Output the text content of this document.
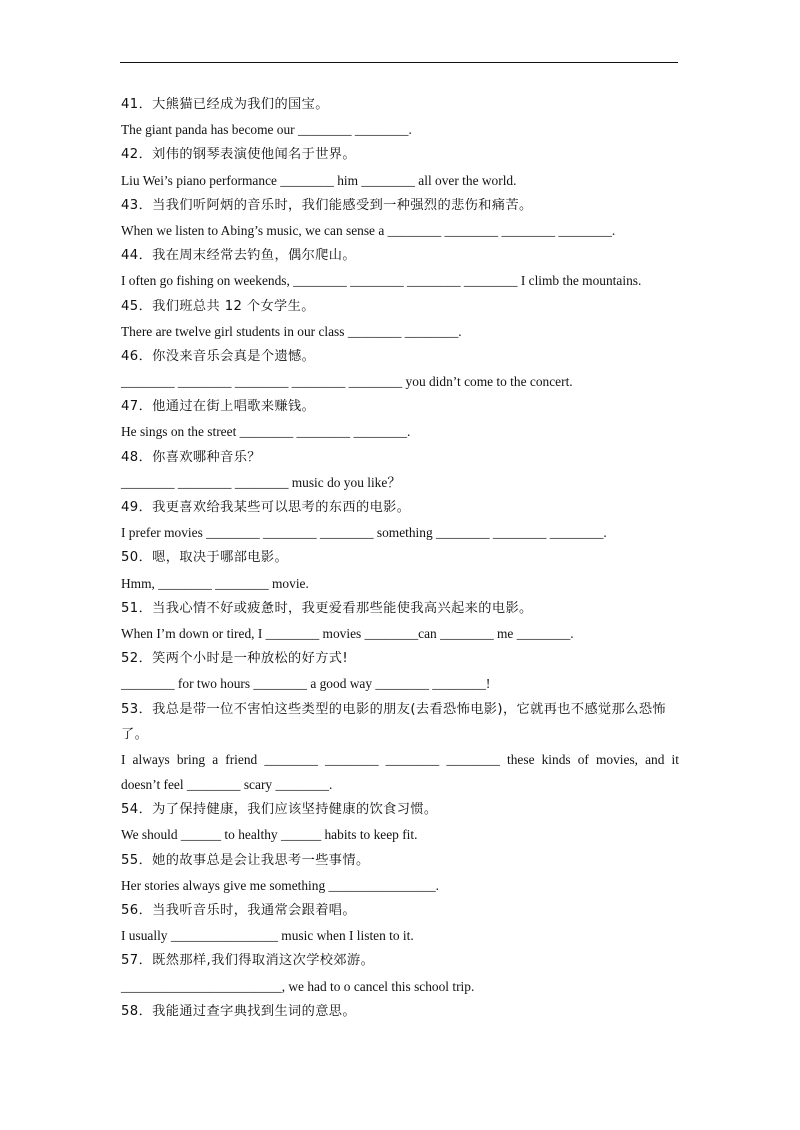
41．大熊猫已经成为我们的国宝。
The giant panda has become our ________ ________.
42．刘伟的钢琴表演使他闻名于世界。
Liu Wei’s piano performance ________ him ________ all over the world.
43．当我们听阿炳的音乐时，我们能感受到一种强烈的悲伤和痛苦。
When we listen to Abing’s music, we can sense a ________ ________ ________ ________.
44．我在周末经常去钓鱼，偶尔爬山。
I often go fishing on weekends, ________ ________ ________ ________ I climb the mountains.
45．我们班总共 12 个女学生。
There are twelve girl students in our class ________ ________.
46．你没来音乐会真是个遗憾。
________ ________ ________ ________ ________ you didn’t come to the concert.
47．他通过在街上唱歌来赚钱。
He sings on the street ________ ________ ________.
48．你喜欢哪种音乐？
________ ________ ________ music do you like？
49．我更喜欢给我某些可以思考的东西的电影。
I prefer movies ________ ________ ________ something ________ ________ ________.
50．嗯，取决于哪部电影。
Hmm, ________ ________ movie.
51．当我心情不好或疲惫时，我更爱看那些能使我高兴起来的电影。
When I’m down or tired, I ________ movies ________can ________ me ________.
52．笑两个小时是一种放松的好方式!
________ for two hours ________ a good way ________ ________!
53．我总是带一位不害怕这些类型的电影的朋友(去看恐怖电影)，它就再也不感觉那么恐怖了。
I always bring a friend ________ ________ ________ ________ these kinds of movies, and it
doesn’t feel ________ scary ________.
54．为了保持健康，我们应该坚持健康的饮食习惯。
We should ______ to healthy ______ habits to keep fit.
55．她的故事总是会让我思考一些事情。
Her stories always give me something ________________.
56．当我听音乐时，我通常会跟着唱。
I usually ________________ music when I listen to it.
57．既然那样,我们得取消这次学校郊游。
________________________, we had to o cancel this school trip.
58．我能通过查字典找到生词的意思。
